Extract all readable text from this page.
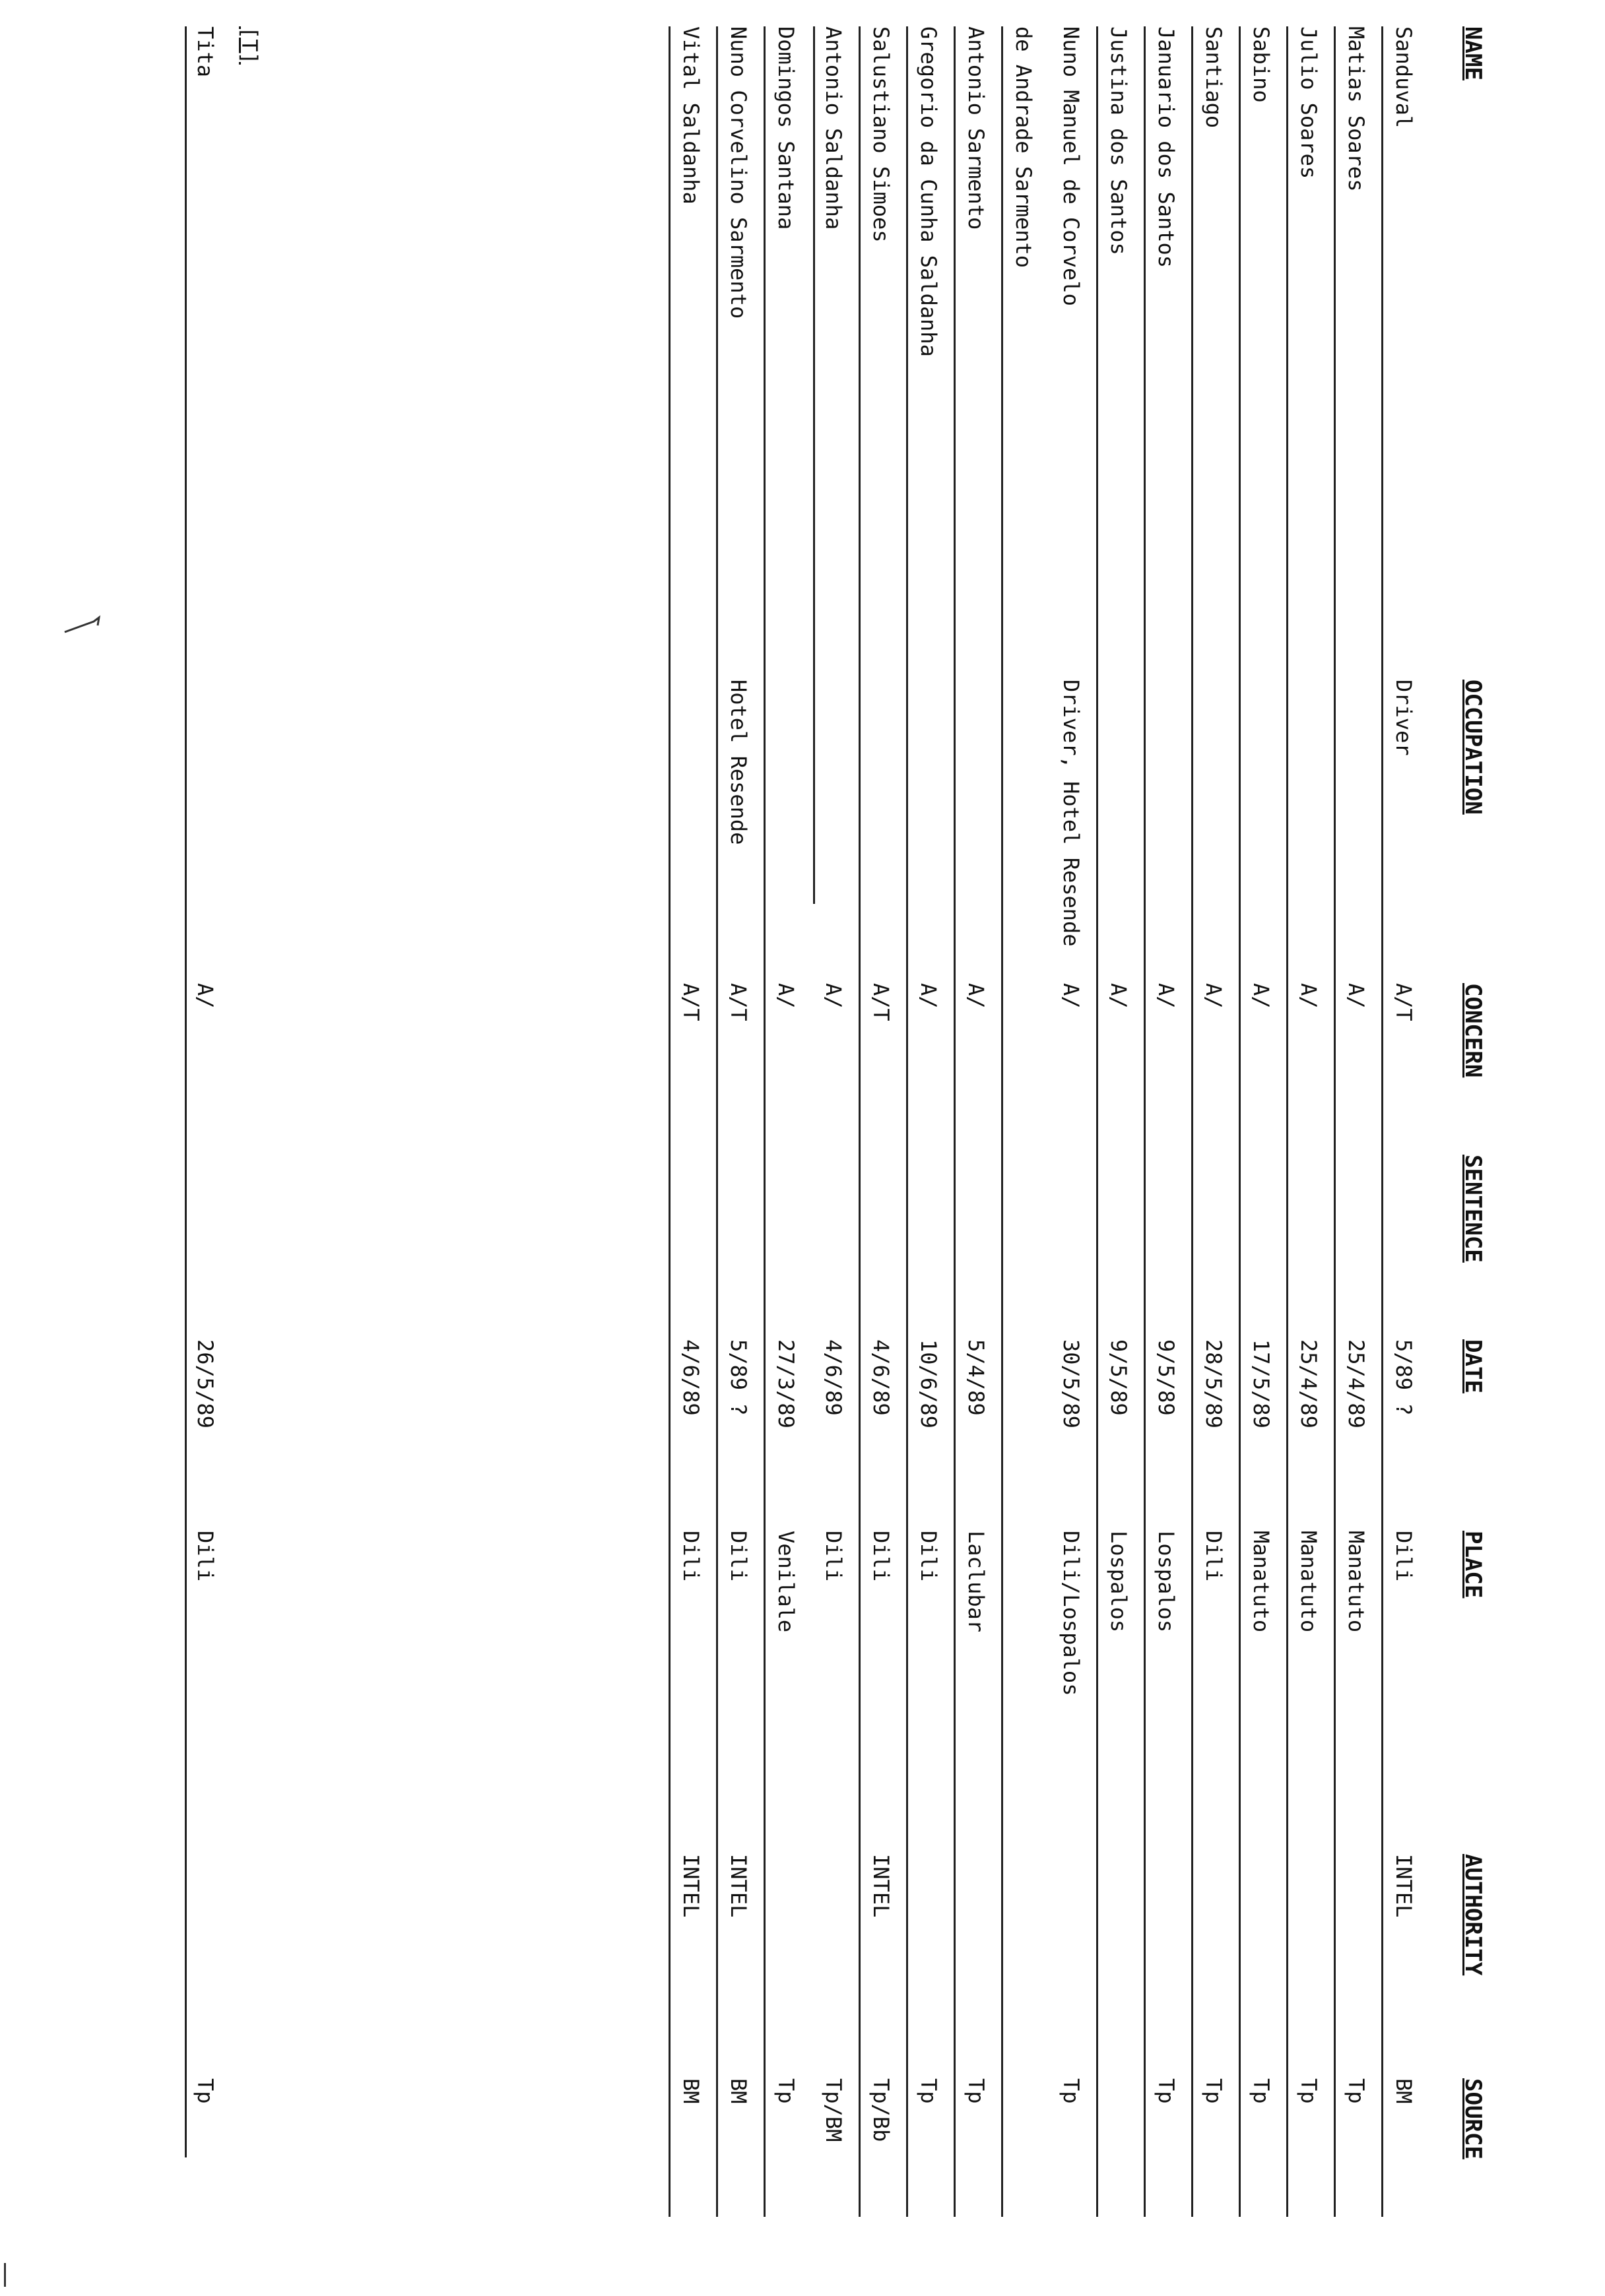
NAME
OCCUPATION
CONCERN
SENTENCE
DATE
PLACE
AUTHORITY
SOURCE
Sanduval
Driver
A/T
5/89 ?
Dili
INTEL
BM
Matias Soares
A/
25/4/89
Manatuto
Tp
Julio Soares
A/
25/4/89
Manatuto
Tp
Sabino
A/
17/5/89
Manatuto
Tp
Santiago
A/
28/5/89
Dili
Tp
Januario dos Santos
A/
9/5/89
Lospalos
Tp
Justina dos Santos
A/
9/5/89
Lospalos
Nuno Manuel de Corvelo
Driver, Hotel Resende
A/
30/5/89
Dili/Lospalos
Tp
de Andrade Sarmento
Antonio Sarmento
A/
5/4/89
Laclubar
Tp
Gregorio da Cunha Saldanha
A/
10/6/89
Dili
Tp
Salustiano Simoes
A/T
4/6/89
Dili
INTEL
Tp/Bb
Antonio Saldanha
A/
4/6/89
Dili
Tp/BM
Domingos Santana
A/
27/3/89
Venilale
Tp
Nuno Corvelino Sarmento
Hotel Resende
A/T
5/89 ?
Dili
INTEL
BM
Vital Saldanha
A/T
4/6/89
Dili
INTEL
BM
[T]
Tita
A/
26/5/89
Dili
Tp
